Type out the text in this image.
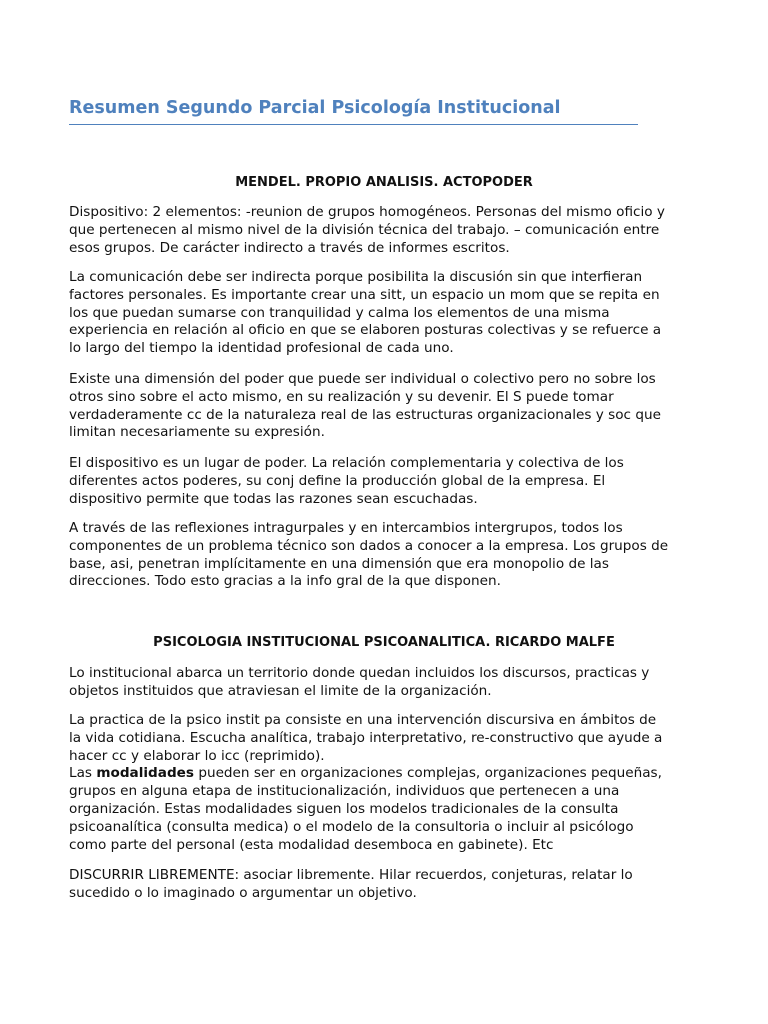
Resumen Segundo Parcial Psicología Institucional
MENDEL. PROPIO ANALISIS. ACTOPODER
Dispositivo: 2 elementos: -reunion de grupos homogéneos. Personas del mismo oficio y
que pertenecen al mismo nivel de la división técnica del trabajo. – comunicación entre
esos grupos. De carácter indirecto a través de informes escritos.
La comunicación debe ser indirecta porque posibilita la discusión sin que interfieran
factores personales. Es importante crear una sitt, un espacio un mom que se repita en
los que puedan sumarse con tranquilidad y calma los elementos de una misma
experiencia en relación al oficio en que se elaboren posturas colectivas y se refuerce a
lo largo del tiempo la identidad profesional de cada uno.
Existe una dimensión del poder que puede ser individual o colectivo pero no sobre los
otros sino sobre el acto mismo, en su realización y su devenir. El S puede tomar
verdaderamente cc de la naturaleza real de las estructuras organizacionales y soc que
limitan necesariamente su expresión.
El dispositivo es un lugar de poder. La relación complementaria y colectiva de los
diferentes actos poderes, su conj define la producción global de la empresa. El
dispositivo permite que todas las razones sean escuchadas.
A través de las reflexiones intragurpales y en intercambios intergrupos, todos los
componentes de un problema técnico son dados a conocer a la empresa. Los grupos de
base, asi, penetran implícitamente en una dimensión que era monopolio de las
direcciones. Todo esto gracias a la info gral de la que disponen.
PSICOLOGIA INSTITUCIONAL PSICOANALITICA. RICARDO MALFE
Lo institucional abarca un territorio donde quedan incluidos los discursos, practicas y
objetos instituidos que atraviesan el limite de la organización.
La practica de la psico instit pa consiste en una intervención discursiva en ámbitos de
la vida cotidiana. Escucha analítica, trabajo interpretativo, re-constructivo que ayude a
hacer cc y elaborar lo icc (reprimido).
Las modalidades pueden ser en organizaciones complejas, organizaciones pequeñas,
grupos en alguna etapa de institucionalización, individuos que pertenecen a una
organización. Estas modalidades siguen los modelos tradicionales de la consulta
psicoanalítica (consulta medica) o el modelo de la consultoria o incluir al psicólogo
como parte del personal (esta modalidad desemboca en gabinete). Etc
DISCURRIR LIBREMENTE: asociar libremente. Hilar recuerdos, conjeturas, relatar lo
sucedido o lo imaginado o argumentar un objetivo.
